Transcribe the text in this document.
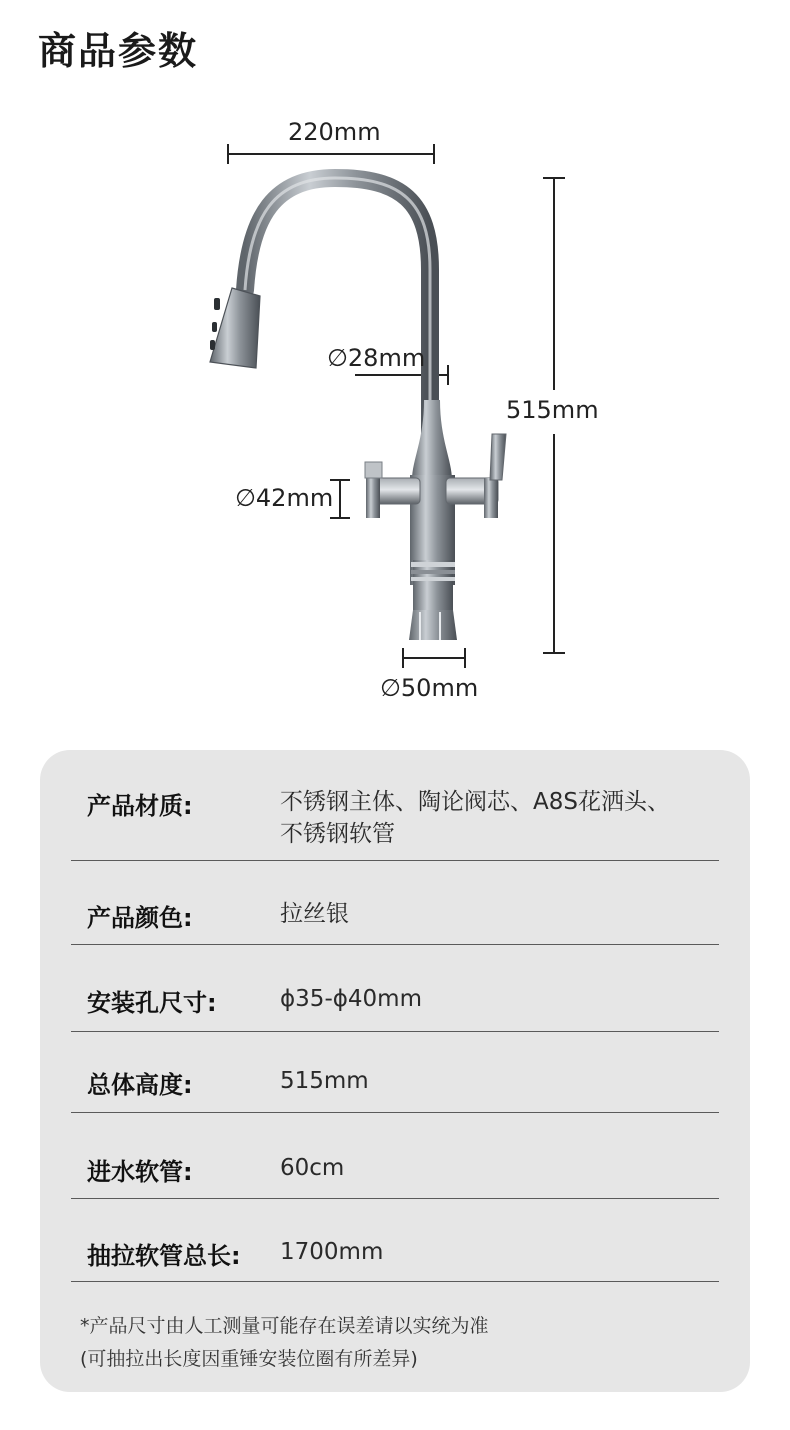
商品参数
220mm
∅28mm
515mm
∅42mm
∅50mm
产品材质:	不锈钢主体、陶论阀芯、A8S花洒头、
不锈钢软管
产品颜色:	拉丝银
安装孔尺寸:	ϕ35-ϕ40mm
总体高度:	515mm
进水软管:	60cm
抽拉软管总长: 1700mm
*产品尺寸由人工测量可能存在误差请以实统为准
(可抽拉出长度因重锤安装位圈有所差异)
